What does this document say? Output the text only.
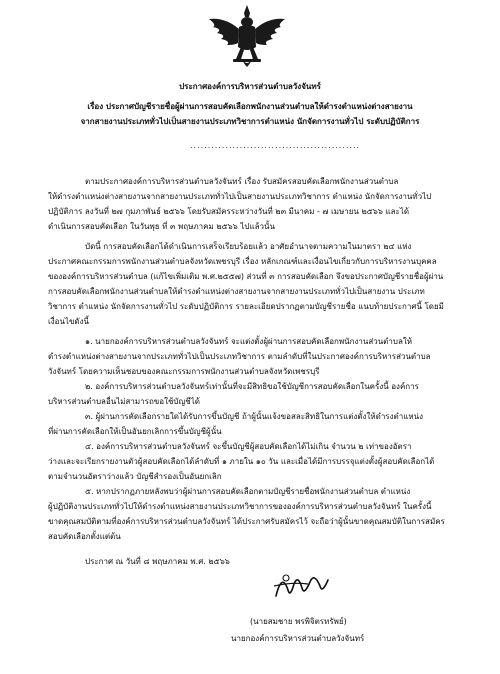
ประกาศองค์การบริหารส่วนตำบลวังจันทร์
เรื่อง ประกาศบัญชีรายชื่อผู้ผ่านการสอบคัดเลือกพนักงานส่วนตำบลให้ดำรงตำแหน่งต่างสายงาน
จากสายงานประเภททั่วไปเป็นสายงานประเภทวิชาการตำแหน่ง นักจัดการงานทั่วไป ระดับปฏิบัติการ
................................................
ตามประกาศองค์การบริหารส่วนตำบลวังจันทร์ เรื่อง รับสมัครสอบคัดเลือกพนักงานส่วนตำบล
ให้ดำรงตำแหน่งต่างสายงานจากสายงานประเภททั่วไปเป็นสายงานประเภทวิชาการ ตำแหน่ง นักจัดการงานทั่วไป
ปฏิบัติการ ลงวันที่ ๒๗ กุมภาพันธ์ ๒๕๖๖ โดยรับสมัครระหว่างวันที่ ๒๓ มีนาคม - ๗ เมษายน ๒๕๖๖ และได้
ดำเนินการสอบคัดเลือก ในวันพุธ ที่ ๓ พฤษภาคม ๒๕๖๖ ไปแล้วนั้น
บัดนี้ การสอบคัดเลือกได้ดำเนินการเสร็จเรียบร้อยแล้ว อาศัยอำนาจตามความในมาตรา ๒๔ แห่ง
ประกาศคณะกรรมการพนักงานส่วนตำบลจังหวัดเพชรบุรี เรื่อง หลักเกณฑ์และเงื่อนไขเกี่ยวกับการบริหารงานบุคคล
ขององค์การบริหารส่วนตำบล (แก้ไขเพิ่มเติม พ.ศ.๒๕๕๗) ส่วนที่ ๓ การสอบคัดเลือก จึงขอประกาศบัญชีรายชื่อผู้ผ่าน
การสอบคัดเลือกพนักงานส่วนตำบลให้ดำรงตำแหน่งต่างสายงานจากสายงานประเภททั่วไปเป็นสายงาน ประเภท
วิชาการ ตำแหน่ง นักจัดการงานทั่วไป ระดับปฏิบัติการ รายละเอียดปรากฏตามบัญชีรายชื่อ แนบท้ายประกาศนี้ โดยมี
เงื่อนไขดังนี้
๑. นายกองค์การบริหารส่วนตำบลวังจันทร์ จะแต่งตั้งผู้ผ่านการสอบคัดเลือกพนักงานส่วนตำบลให้
ดำรงตำแหน่งต่างสายงานจากประเภททั่วไปเป็นประเภทวิชาการ ตามลำดับที่ในประกาศองค์การบริหารส่วนตำบล
วังจันทร์ โดยความเห็นชอบของคณะกรรมการพนักงานส่วนตำบลจังหวัดเพชรบุรี
๒. องค์การบริหารส่วนตำบลวังจันทร์เท่านั้นที่จะมีสิทธิขอใช้บัญชีการสอบคัดเลือกในครั้งนี้ องค์การ
บริหารส่วนตำบลอื่นไม่สามารถขอใช้บัญชีได้
๓. ผู้ผ่านการคัดเลือกรายใดได้รับการขึ้นบัญชี ถ้าผู้นั้นแจ้งขอสละสิทธิในการแต่งตั้งให้ดำรงตำแหน่ง
ที่ผ่านการคัดเลือกให้เป็นอันยกเลิกการขึ้นบัญชีผู้นั้น
๔. องค์การบริหารส่วนตำบลวังจันทร์ จะขึ้นบัญชีผู้สอบคัดเลือกได้ไม่เกิน จำนวน ๒ เท่าของอัตรา
ว่างและจะเรียกรายงานตัวผู้สอบคัดเลือกได้ลำดับที่ ๑ ภายใน ๑๐ วัน และเมื่อได้มีการบรรจุแต่งตั้งผู้สอบคัดเลือกได้
ตามจำนวนอัตราว่างแล้ว บัญชีสำรองเป็นอันยกเลิก
๕. หากปรากฏภายหลังพบว่าผู้ผ่านการสอบคัดเลือกตามบัญชีรายชื่อพนักงานส่วนตำบล ตำแหน่ง
ผู้ปฏิบัติงานประเภททั่วไปให้ดำรงตำแหน่งสายงานประเภทวิชาการขององค์การบริหารส่วนตำบลวังจันทร์ ในครั้งนี้
ขาดคุณสมบัติตามที่องค์การบริหารส่วนตำบลวังจันทร์ ได้ประกาศรับสมัครไว้ จะถือว่าผู้นั้นขาดคุณสมบัติในการสมัคร
สอบคัดเลือกตั้งแต่ต้น
ประกาศ ณ วันที่ ๘ พฤษภาคม พ.ศ. ๒๕๖๖
(นายสมชาย พรพิจิตรทรัพย์)
นายกองค์การบริหารส่วนตำบลวังจันทร์
